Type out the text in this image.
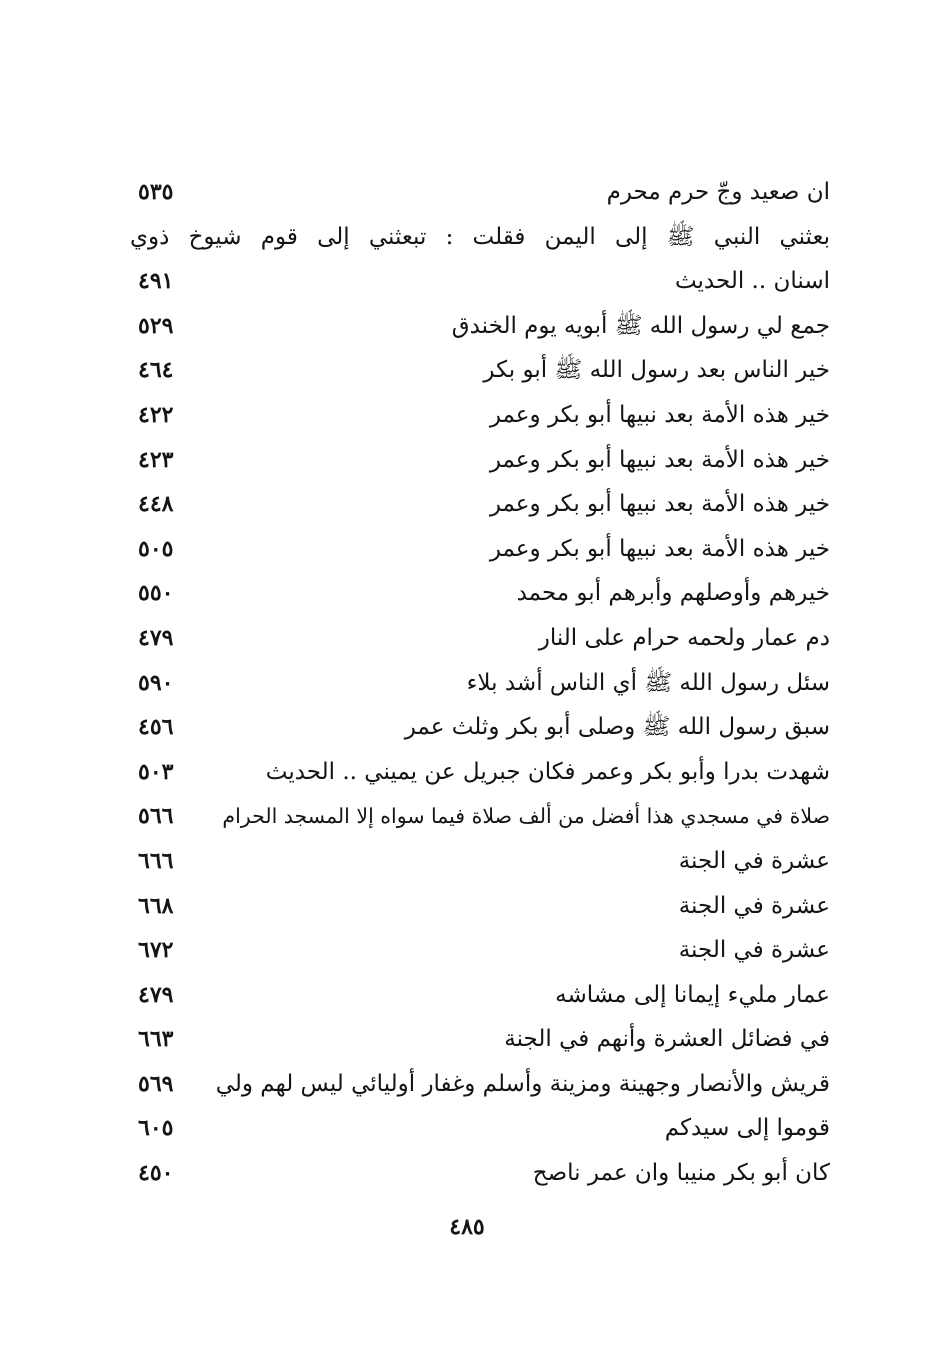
ان صعيد وجّ حرم محرم
٥٣٥
بعثني النبي ﷺ إلى اليمن فقلت : تبعثني إلى قوم شيوخ ذوي
اسنان .. الحديث
٤٩١
جمع لي رسول الله ﷺ أبويه يوم الخندق
٥٢٩
خير الناس بعد رسول الله ﷺ أبو بكر
٤٦٤
خير هذه الأمة بعد نبيها أبو بكر وعمر
٤٢٢
خير هذه الأمة بعد نبيها أبو بكر وعمر
٤٢٣
خير هذه الأمة بعد نبيها أبو بكر وعمر
٤٤٨
خير هذه الأمة بعد نبيها أبو بكر وعمر
٥٠٥
خيرهم وأوصلهم وأبرهم أبو محمد
٥٥٠
دم عمار ولحمه حرام على النار
٤٧٩
سئل رسول الله ﷺ أي الناس أشد بلاء
٥٩٠
سبق رسول الله ﷺ وصلى أبو بكر وثلث عمر
٤٥٦
شهدت بدرا وأبو بكر وعمر فكان جبريل عن يميني .. الحديث
٥٠٣
صلاة في مسجدي هذا أفضل من ألف صلاة فيما سواه إلا المسجد الحرام
٥٦٦
عشرة في الجنة
٦٦٦
عشرة في الجنة
٦٦٨
عشرة في الجنة
٦٧٢
عمار مليء إيمانا إلى مشاشه
٤٧٩
في فضائل العشرة وأنهم في الجنة
٦٦٣
قريش والأنصار وجهينة ومزينة وأسلم وغفار أوليائي ليس لهم ولي
٥٦٩
قوموا إلى سيدكم
٦٠٥
كان أبو بكر منيبا وان عمر ناصح
٤٥٠
٤٨٥
